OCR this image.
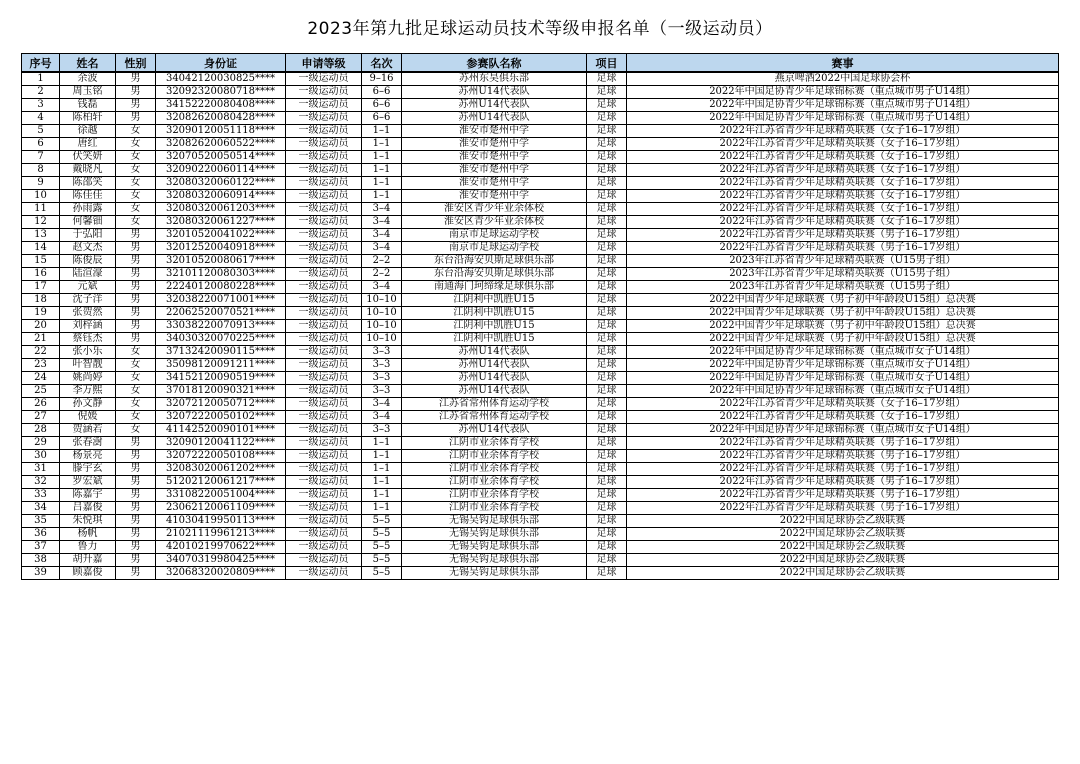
2023年第九批足球运动员技术等级申报名单（一级运动员）
序号	姓名	性别	身份证	申请等级	名次	参赛队名称	项目	赛事
1	余波	男	34042120030825****	一级运动员	9–16	苏州东昊俱乐部	足球	燕京啤酒2022中国足球协会杯
2	周玉铭	男	32092320080718****	一级运动员	6–6	苏州U14代表队	足球	2022年中国足协青少年足球锦标赛（重点城市男子U14组）
3	钱磊	男	34152220080408****	一级运动员	6–6	苏州U14代表队	足球	2022年中国足协青少年足球锦标赛（重点城市男子U14组）
4	陈柏轩	男	32082620080428****	一级运动员	6–6	苏州U14代表队	足球	2022年中国足协青少年足球锦标赛（重点城市男子U14组）
5	徐越	女	32090120051118****	一级运动员	1–1	淮安市楚州中学	足球	2022年江苏省青少年足球精英联赛（女子16–17岁组）
6	唐红	女	32082620060522****	一级运动员	1–1	淮安市楚州中学	足球	2022年江苏省青少年足球精英联赛（女子16–17岁组）
7	伏笑妍	女	32070520050514****	一级运动员	1–1	淮安市楚州中学	足球	2022年江苏省青少年足球精英联赛（女子16–17岁组）
8	戴晓凡	女	32090220060114****	一级运动员	1–1	淮安市楚州中学	足球	2022年江苏省青少年足球精英联赛（女子16–17岁组）
9	陈邵笑	女	32080320060122****	一级运动员	1–1	淮安市楚州中学	足球	2022年江苏省青少年足球精英联赛（女子16–17岁组）
10	陈佳佳	女	32080320060914****	一级运动员	1–1	淮安市楚州中学	足球	2022年江苏省青少年足球精英联赛（女子16–17岁组）
11	孙雨露	女	32080320061203****	一级运动员	3–4	淮安区青少年业余体校	足球	2022年江苏省青少年足球精英联赛（女子16–17岁组）
12	何馨钿	女	32080320061227****	一级运动员	3–4	淮安区青少年业余体校	足球	2022年江苏省青少年足球精英联赛（女子16–17岁组）
13	于弘阳	男	32010520041022****	一级运动员	3–4	南京市足球运动学校	足球	2022年江苏省青少年足球精英联赛（男子16–17岁组）
14	赵文杰	男	32012520040918****	一级运动员	3–4	南京市足球运动学校	足球	2022年江苏省青少年足球精英联赛（男子16–17岁组）
15	陈俊辰	男	32010520080617****	一级运动员	2–2	东台沿海安贝斯足球俱乐部	足球	2023年江苏省青少年足球精英联赛（U15男子组）
16	陆渲濠	男	32101120080303****	一级运动员	2–2	东台沿海安贝斯足球俱乐部	足球	2023年江苏省青少年足球精英联赛（U15男子组）
17	元斌	男	22240120080228****	一级运动员	3–4	南通海门珂缔缘足球俱乐部	足球	2023年江苏省青少年足球精英联赛（U15男子组）
18	沈子洋	男	32038220071001****	一级运动员	10–10	江阴利中凯胜U15	足球	2022中国青少年足球联赛（男子初中年龄段U15组）总决赛
19	张贺然	男	22062520070521****	一级运动员	10–10	江阴利中凯胜U15	足球	2022中国青少年足球联赛（男子初中年龄段U15组）总决赛
20	刘梓涵	男	33038220070913****	一级运动员	10–10	江阴利中凯胜U15	足球	2022中国青少年足球联赛（男子初中年龄段U15组）总决赛
21	蔡钰杰	男	34030320070225****	一级运动员	10–10	江阴利中凯胜U15	足球	2022中国青少年足球联赛（男子初中年龄段U15组）总决赛
22	张小乐	女	37132420090115****	一级运动员	3–3	苏州U14代表队	足球	2022年中国足协青少年足球锦标赛（重点城市女子U14组）
23	叶智靓	女	35098120091211****	一级运动员	3–3	苏州U14代表队	足球	2022年中国足协青少年足球锦标赛（重点城市女子U14组）
24	姚尚婷	女	34152120090519****	一级运动员	3–3	苏州U14代表队	足球	2022年中国足协青少年足球锦标赛（重点城市女子U14组）
25	李万熙	女	37018120090321****	一级运动员	3–3	苏州U14代表队	足球	2022年中国足协青少年足球锦标赛（重点城市女子U14组）
26	孙文静	女	32072120050712****	一级运动员	3–4	江苏省常州体育运动学校	足球	2022年江苏省青少年足球精英联赛（女子16–17岁组）
27	倪媛	女	32072220050102****	一级运动员	3–4	江苏省常州体育运动学校	足球	2022年江苏省青少年足球精英联赛（女子16–17岁组）
28	贺涵若	女	41142520090101****	一级运动员	3–3	苏州U14代表队	足球	2022年中国足协青少年足球锦标赛（重点城市女子U14组）
29	张春澍	男	32090120041122****	一级运动员	1–1	江阴市业余体育学校	足球	2022年江苏省青少年足球精英联赛（男子16–17岁组）
30	杨景亮	男	32072220050108****	一级运动员	1–1	江阴市业余体育学校	足球	2022年江苏省青少年足球精英联赛（男子16–17岁组）
31	滕宇玄	男	32083020061202****	一级运动员	1–1	江阴市业余体育学校	足球	2022年江苏省青少年足球精英联赛（男子16–17岁组）
32	罗宏斌	男	51202120061217****	一级运动员	1–1	江阴市业余体育学校	足球	2022年江苏省青少年足球精英联赛（男子16–17岁组）
33	陈嘉宇	男	33108220051004****	一级运动员	1–1	江阴市业余体育学校	足球	2022年江苏省青少年足球精英联赛（男子16–17岁组）
34	吕嘉俊	男	23062120061109****	一级运动员	1–1	江阴市业余体育学校	足球	2022年江苏省青少年足球精英联赛（男子16–17岁组）
35	朱悦琪	男	41030419950113****	一级运动员	5–5	无锡吴钩足球俱乐部	足球	2022中国足球协会乙级联赛
36	杨帆	男	21021119961213****	一级运动员	5–5	无锡吴钩足球俱乐部	足球	2022中国足球协会乙级联赛
37	鲁力	男	42010219970622****	一级运动员	5–5	无锡吴钩足球俱乐部	足球	2022中国足球协会乙级联赛
38	胡升嘉	男	34070319980425****	一级运动员	5–5	无锡吴钩足球俱乐部	足球	2022中国足球协会乙级联赛
39	顾嘉俊	男	32068320020809****	一级运动员	5–5	无锡吴钩足球俱乐部	足球	2022中国足球协会乙级联赛
